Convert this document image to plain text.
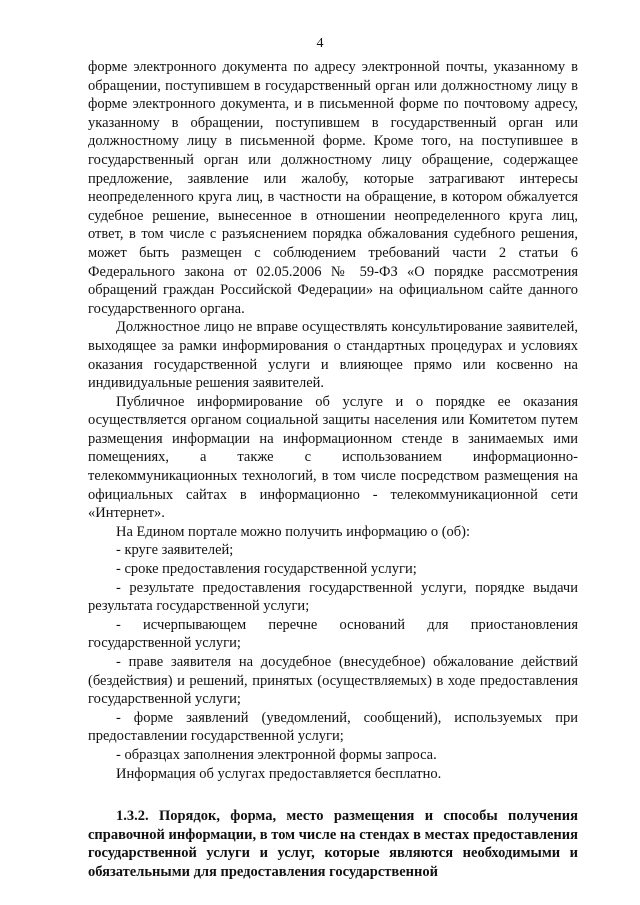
4

форме электронного документа по адресу электронной почты, указанному в обращении, поступившем в государственный орган или должностному лицу в форме электронного документа, и в письменной форме по почтовому адресу, указанному в обращении, поступившем в государственный орган или должностному лицу в письменной форме. Кроме того, на поступившее в государственный орган или должностному лицу обращение, содержащее предложение, заявление или жалобу, которые затрагивают интересы неопределенного круга лиц, в частности на обращение, в котором обжалуется судебное решение, вынесенное в отношении неопределенного круга лиц, ответ, в том числе с разъяснением порядка обжалования судебного решения, может быть размещен с соблюдением требований части 2 статьи 6 Федерального закона от 02.05.2006 № 59-ФЗ «О порядке рассмотрения обращений граждан Российской Федерации» на официальном сайте данного государственного органа.

Должностное лицо не вправе осуществлять консультирование заявителей, выходящее за рамки информирования о стандартных процедурах и условиях оказания государственной услуги и влияющее прямо или косвенно на индивидуальные решения заявителей.

Публичное информирование об услуге и о порядке ее оказания осуществляется органом социальной защиты населения или Комитетом путем размещения информации на информационном стенде в занимаемых ими помещениях, а также с использованием информационно-телекоммуникационных технологий, в том числе посредством размещения на официальных сайтах в информационно - телекоммуникационной сети «Интернет».

На Едином портале можно получить информацию о (об):

- круге заявителей;

- сроке предоставления государственной услуги;

- результате предоставления государственной услуги, порядке выдачи результата государственной услуги;

- исчерпывающем перечне оснований для приостановления государственной услуги;

- праве заявителя на досудебное (внесудебное) обжалование действий (бездействия) и решений, принятых (осуществляемых) в ходе предоставления государственной услуги;

- форме заявлений (уведомлений, сообщений), используемых при предоставлении государственной услуги;

- образцах заполнения электронной формы запроса.

Информация об услугах предоставляется бесплатно.

1.3.2. Порядок, форма, место размещения и способы получения справочной информации, в том числе на стендах в местах предоставления государственной услуги и услуг, которые являются необходимыми и обязательными для предоставления государственной
